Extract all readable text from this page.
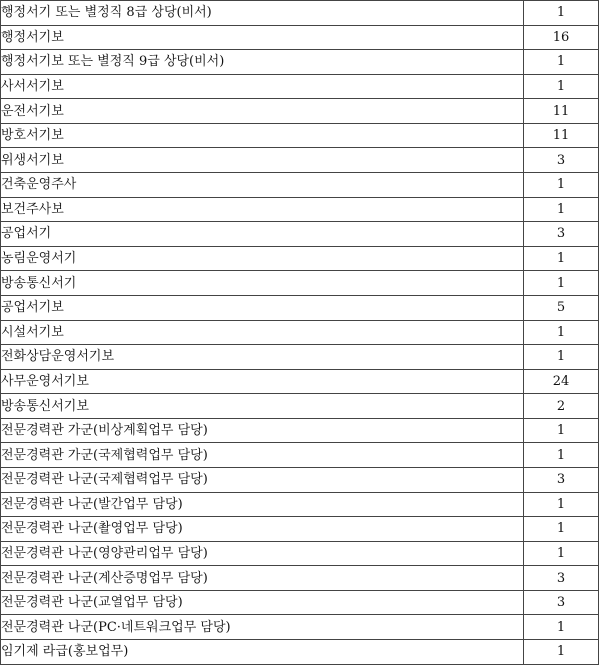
행정서기 또는 별정직 8급 상당(비서)	1
행정서기보	16
행정서기보 또는 별정직 9급 상당(비서)	1
사서서기보	1
운전서기보	11
방호서기보	11
위생서기보	3
건축운영주사	1
보건주사보	1
공업서기	3
농림운영서기	1
방송통신서기	1
공업서기보	5
시설서기보	1
전화상담운영서기보	1
사무운영서기보	24
방송통신서기보	2
전문경력관 가군(비상계획업무 담당)	1
전문경력관 가군(국제협력업무 담당)	1
전문경력관 나군(국제협력업무 담당)	3
전문경력관 나군(발간업무 담당)	1
전문경력관 나군(촬영업무 담당)	1
전문경력관 나군(영양관리업무 담당)	1
전문경력관 나군(계산증명업무 담당)	3
전문경력관 나군(교열업무 담당)	3
전문경력관 나군(PC·네트워크업무 담당)	1
임기제 라급(홍보업무)	1
